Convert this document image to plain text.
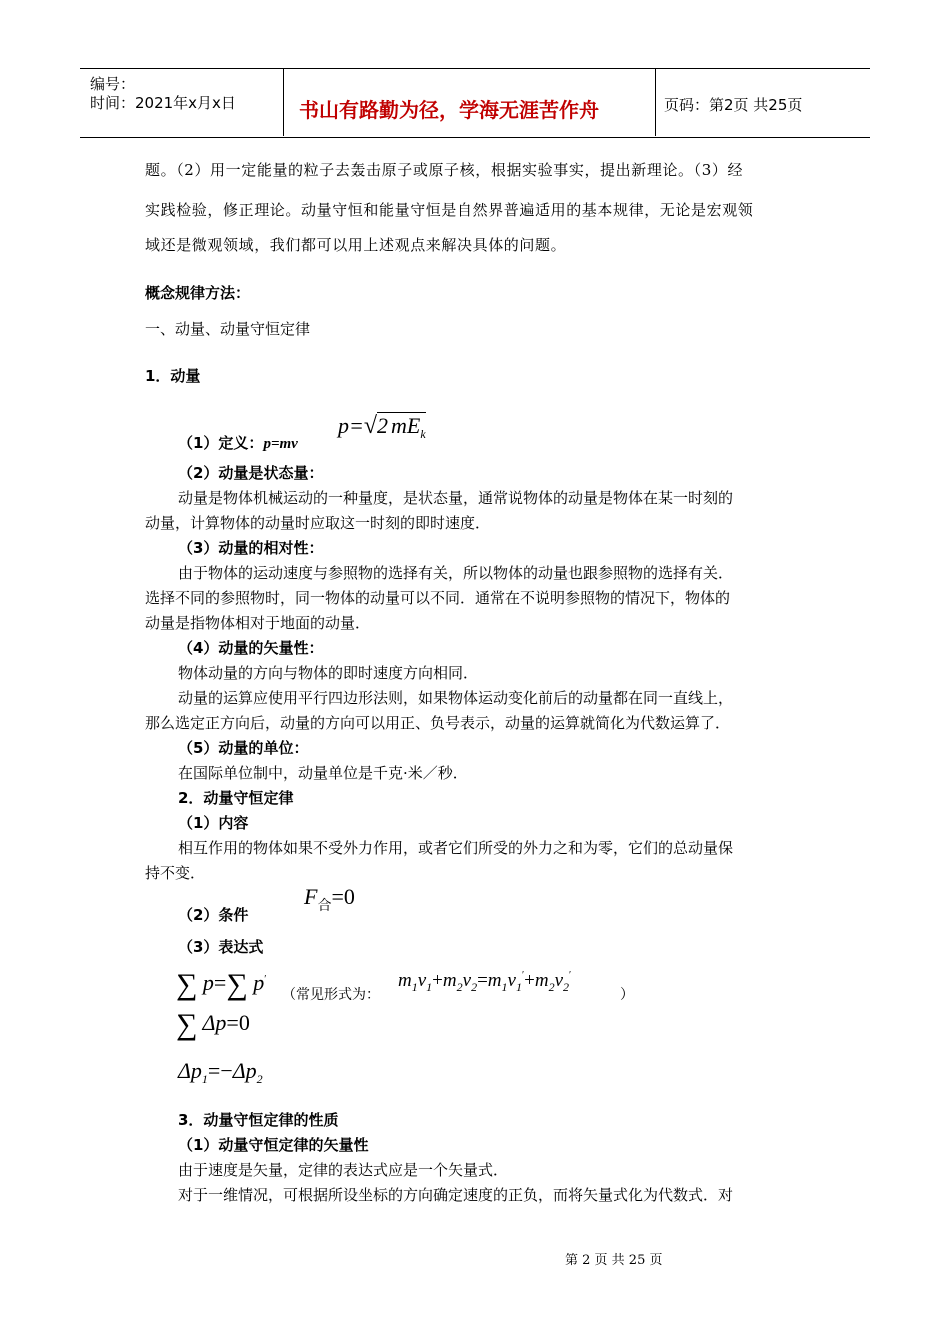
编号：
时间：2021年x月x日	书山有路勤为径，学海无涯苦作舟	页码：第2页 共25页
题。（2）用一定能量的粒子去轰击原子或原子核，根据实验事实，提出新理论。（3）经
实践检验，修正理论。动量守恒和能量守恒是自然界普遍适用的基本规律，无论是宏观领
域还是微观领域，我们都可以用上述观点来解决具体的问题。
概念规律方法：
一、动量、动量守恒定律
1．动量
p=√2 $mE_k$
（1）定义：p=mv
（2）动量是状态量：
动量是物体机械运动的一种量度，是状态量，通常说物体的动量是物体在某一时刻的
动量，计算物体的动量时应取这一时刻的即时速度．
（3）动量的相对性：
由于物体的运动速度与参照物的选择有关，所以物体的动量也跟参照物的选择有关．
选择不同的参照物时，同一物体的动量可以不同．通常在不说明参照物的情况下，物体的
动量是指物体相对于地面的动量．
（4）动量的矢量性：
物体动量的方向与物体的即时速度方向相同．
动量的运算应使用平行四边形法则，如果物体运动变化前后的动量都在同一直线上，
那么选定正方向后，动量的方向可以用正、负号表示，动量的运算就简化为代数运算了．
（5）动量的单位：
在国际单位制中，动量单位是千克·米／秒．
2．动量守恒定律
（1）内容
相互作用的物体如果不受外力作用，或者它们所受的外力之和为零，它们的总动量保
持不变．
$F_合=0$
（2）条件
（3）表达式
∑ p=∑ p′
（常见形式为：
$m_1v_1+m_2v_2=m_1v_1'+m_2v_2'$
）
∑ Δp=0
$\Delta p_1=-\Delta p_2$
3．动量守恒定律的性质
（1）动量守恒定律的矢量性
由于速度是矢量，定律的表达式应是一个矢量式．
对于一维情况，可根据所设坐标的方向确定速度的正负，而将矢量式化为代数式．对
第 2 页 共 25 页
